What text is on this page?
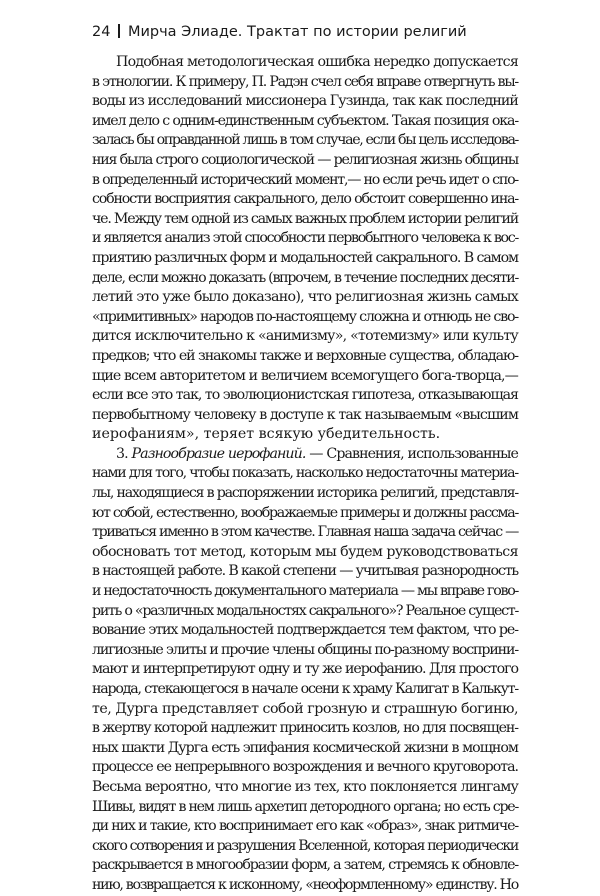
24 Мирча Элиаде. Трактат по истории религий
Подобная методологическая ошибка нередко допускается
в этнологии. К примеру, П. Радэн счел себя вправе отвергнуть вы-
воды из исследований миссионера Гузинда, так как последний
имел дело с одним-единственным субъектом. Такая позиция ока-
залась бы оправданной лишь в том случае, если бы цель исследова-
ния была строго социологической — религиозная жизнь общины
в определенный исторический момент,— но если речь идет о спо-
собности восприятия сакрального, дело обстоит совершенно ина-
че. Между тем одной из самых важных проблем истории религий
и является анализ этой способности первобытного человека к вос-
приятию различных форм и модальностей сакрального. В самом
деле, если можно доказать (впрочем, в течение последних десяти-
летий это уже было доказано), что религиозная жизнь самых
«примитивных» народов по-настоящему сложна и отнюдь не сво-
дится исключительно к «анимизму», «тотемизму» или культу
предков; что ей знакомы также и верховные существа, обладаю-
щие всем авторитетом и величием всемогущего бога-творца,—
если все это так, то эволюционистская гипотеза, отказывающая
первобытному человеку в доступе к так называемым «высшим
иерофаниям», теряет всякую убедительность.
3. Разнообразие иерофаний. — Сравнения, использованные
нами для того, чтобы показать, насколько недостаточны материа-
лы, находящиеся в распоряжении историка религий, представля-
ют собой, естественно, воображаемые примеры и должны рассма-
триваться именно в этом качестве. Главная наша задача сейчас —
обосновать тот метод, которым мы будем руководствоваться
в настоящей работе. В какой степени — учитывая разнородность
и недостаточность документального материала — мы вправе гово-
рить о «различных модальностях сакрального»? Реальное сущест-
вование этих модальностей подтверждается тем фактом, что ре-
лигиозные элиты и прочие члены общины по-разному восприни-
мают и интерпретируют одну и ту же иерофанию. Для простого
народа, стекающегося в начале осени к храму Калигат в Калькут-
те, Дурга представляет собой грозную и страшную богиню,
в жертву которой надлежит приносить козлов, но для посвящен-
ных шакти Дурга есть эпифания космической жизни в мощном
процессе ее непрерывного возрождения и вечного круговорота.
Весьма вероятно, что многие из тех, кто поклоняется лингаму
Шивы, видят в нем лишь архетип детородного органа; но есть сре-
ди них и такие, кто воспринимает его как «образ», знак ритмиче-
ского сотворения и разрушения Вселенной, которая периодически
раскрывается в многообразии форм, а затем, стремясь к обновле-
нию, возвращается к исконному, «неоформленному» единству. Но
